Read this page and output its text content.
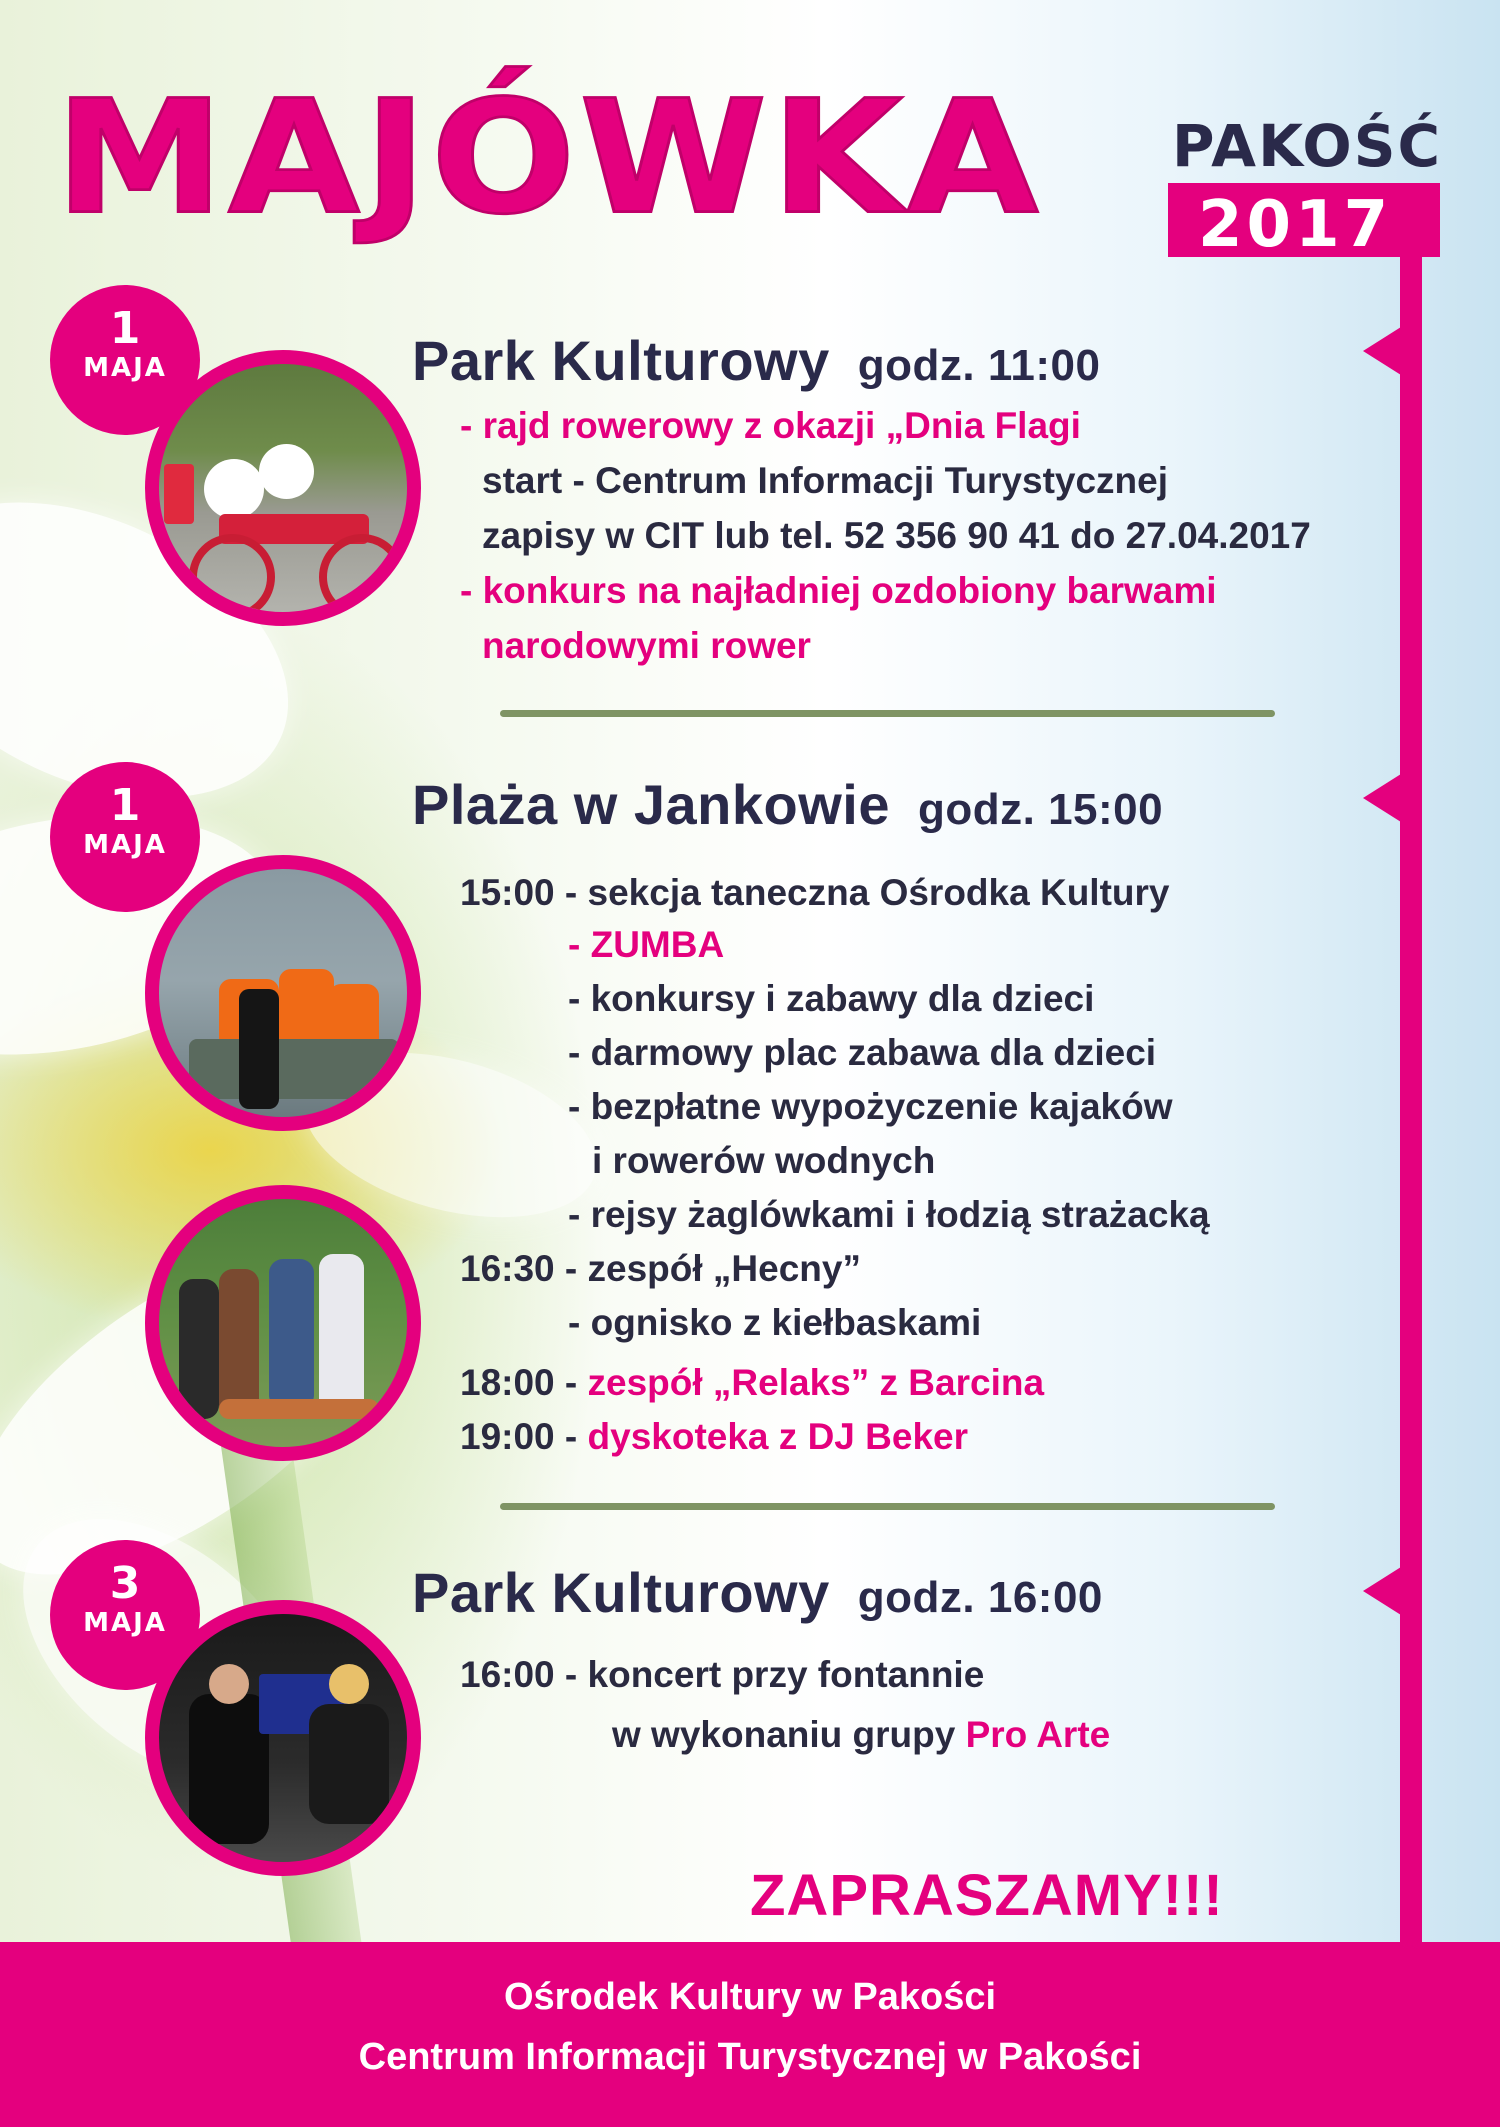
MAJÓWKA PAKOŚĆ
2017
1
MAJA	Park Kulturowy godz. 11:00
- rajd rowerowy z okazji „Dnia Flagi
start - Centrum Informacji Turystycznej
zapisy w CIT lub tel. 52 356 90 41 do 27.04.2017
- konkurs na najładniej ozdobiony barwami
narodowymi rower
1
MAJA
Plaża w Jankowie godz. 15:00
15:00 - sekcja taneczna Ośrodka Kultury
- ZUMBA
- konkursy i zabawy dla dzieci
- darmowy plac zabawa dla dzieci
- bezpłatne wypożyczenie kajaków
i rowerów wodnych
- rejsy żaglówkami i łodzią strażacką
16:30 - zespół „Hecny”
- ognisko z kiełbaskami
18:00 - zespół „Relaks” z Barcina
19:00 - dyskoteka z DJ Beker
3
MAJA	Park Kulturowy godz. 16:00
16:00 - koncert przy fontannie
w wykonaniu grupy Pro Arte
ZAPRASZAMY!!!
Ośrodek Kultury w Pakości
Centrum Informacji Turystycznej w Pakości
